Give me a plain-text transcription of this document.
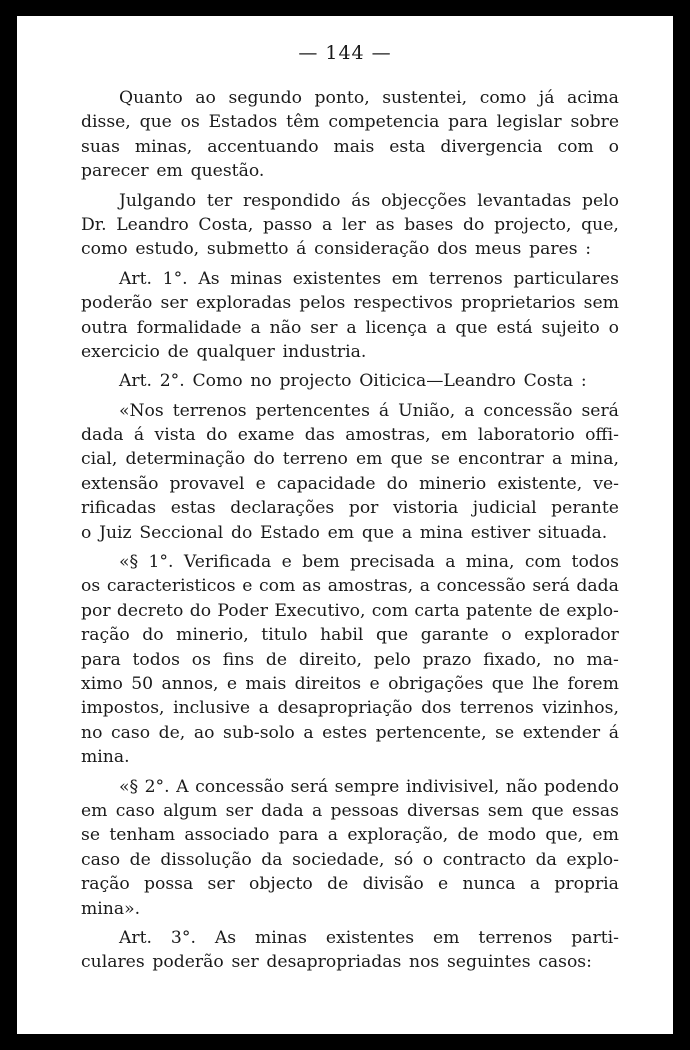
— 144 —
Quanto ao segundo ponto, sustentei, como já acima
disse, que os Estados têm competencia para legislar sobre
suas minas, accentuando mais esta divergencia com o
parecer em questão.
Julgando ter respondido ás objecções levantadas pelo
Dr. Leandro Costa, passo a ler as bases do projecto, que,
como estudo, submetto á consideração dos meus pares :
Art. 1°. As minas existentes em terrenos particulares
poderão ser exploradas pelos respectivos proprietarios sem
outra formalidade a não ser a licença a que está sujeito o
exercicio de qualquer industria.
Art. 2°. Como no projecto Oiticica—Leandro Costa :
«Nos terrenos pertencentes á União, a concessão será
dada á vista do exame das amostras, em laboratorio offi-
cial, determinação do terreno em que se encontrar a mina,
extensão provavel e capacidade do minerio existente, ve-
rificadas estas declarações por vistoria judicial perante
o Juiz Seccional do Estado em que a mina estiver situada.
«§ 1°. Verificada e bem precisada a mina, com todos
os caracteristicos e com as amostras, a concessão será dada
por decreto do Poder Executivo, com carta patente de explo-
ração do minerio, titulo habil que garante o explorador
para todos os fins de direito, pelo prazo fixado, no ma-
ximo 50 annos, e mais direitos e obrigações que lhe forem
impostos, inclusive a desapropriação dos terrenos vizinhos,
no caso de, ao sub-solo a estes pertencente, se extender á
mina.
«§ 2°. A concessão será sempre indivisivel, não podendo
em caso algum ser dada a pessoas diversas sem que essas
se tenham associado para a exploração, de modo que, em
caso de dissolução da sociedade, só o contracto da explo-
ração possa ser objecto de divisão e nunca a propria
mina».
Art. 3°. As minas existentes em terrenos parti-
culares poderão ser desapropriadas nos seguintes casos:
